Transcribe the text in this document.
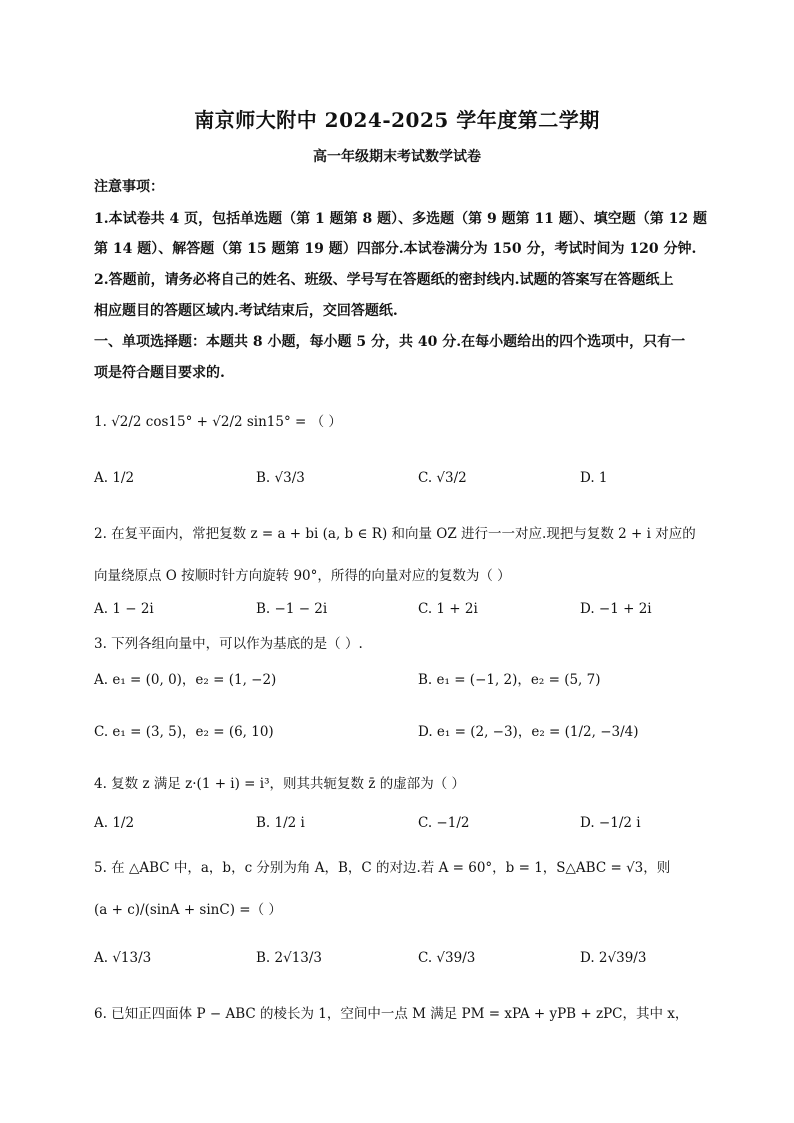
南京师大附中 2024-2025 学年度第二学期
高一年级期末考试数学试卷
注意事项：
1.本试卷共 4 页，包括单选题（第 1 题第 8 题）、多选题（第 9 题第 11 题）、填空题（第 12 题
第 14 题）、解答题（第 15 题第 19 题）四部分.本试卷满分为 150 分，考试时间为 120 分钟.
2.答题前，请务必将自己的姓名、班级、学号写在答题纸的密封线内.试题的答案写在答题纸上
相应题目的答题区域内.考试结束后，交回答题纸.
一、单项选择题：本题共 8 小题，每小题 5 分，共 40 分.在每小题给出的四个选项中，只有一
项是符合题目要求的.
1. √2/2 cos15° + √2/2 sin15° = （ ）
A. 1/2	B. √3/3	C. √3/2	D. 1
2. 在复平面内，常把复数 z = a + bi (a, b ∈ R) 和向量 OZ 进行一一对应.现把与复数 2 + i 对应的
向量绕原点 O 按顺时针方向旋转 90°，所得的向量对应的复数为（ ）
A. 1 − 2i	B. −1 − 2i	C. 1 + 2i	D. −1 + 2i
3. 下列各组向量中，可以作为基底的是（ ）.
A. e₁ = (0, 0)，e₂ = (1, −2)	B. e₁ = (−1, 2)，e₂ = (5, 7)
C. e₁ = (3, 5)，e₂ = (6, 10)	D. e₁ = (2, −3)，e₂ = (1/2, −3/4)
4. 复数 z 满足 z·(1 + i) = i³，则其共轭复数 z̄ 的虚部为（ ）
A. 1/2	B. 1/2 i	C. −1/2	D. −1/2 i
5. 在 △ABC 中，a，b，c 分别为角 A，B，C 的对边.若 A = 60°，b = 1，S△ABC = √3，则
(a + c)/(sinA + sinC) =（ ）
A. √13/3	B. 2√13/3	C. √39/3	D. 2√39/3
6. 已知正四面体 P − ABC 的棱长为 1，空间中一点 M 满足 PM = xPA + yPB + zPC，其中 x，
